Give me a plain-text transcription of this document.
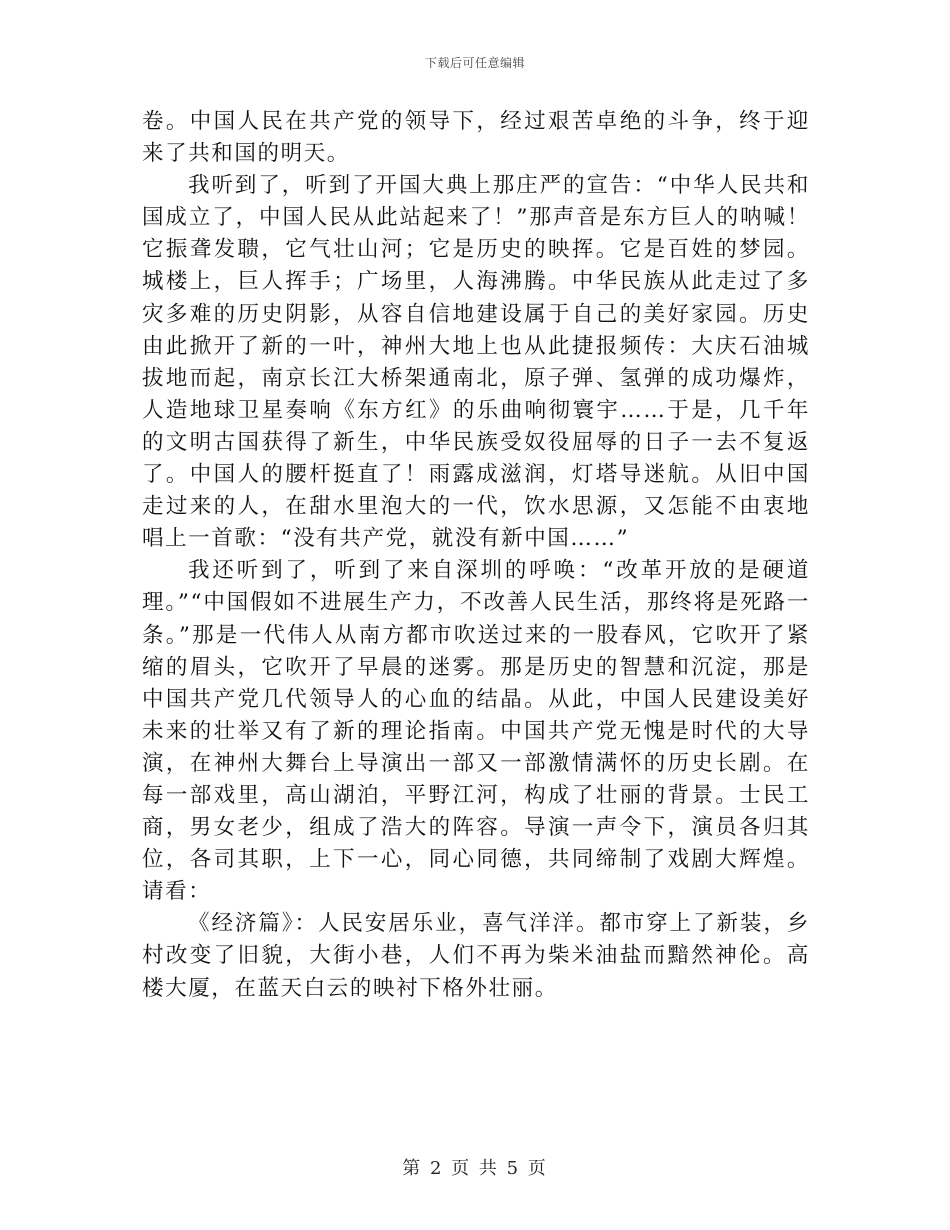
下载后可任意编辑

卷。中国人民在共产党的领导下，经过艰苦卓绝的斗争，终于迎来了共和国的明天。

我听到了，听到了开国大典上那庄严的宣告：“中华人民共和国成立了，中国人民从此站起来了！”那声音是东方巨人的呐喊！它振聋发聩，它气壮山河；它是历史的映挥。它是百姓的梦园。城楼上，巨人挥手；广场里，人海沸腾。中华民族从此走过了多灾多难的历史阴影，从容自信地建设属于自己的美好家园。历史由此掀开了新的一叶，神州大地上也从此捷报频传：大庆石油城拔地而起，南京长江大桥架通南北，原子弹、氢弹的成功爆炸，人造地球卫星奏响《东方红》的乐曲响彻寰宇……于是，几千年的文明古国获得了新生，中华民族受奴役屈辱的日子一去不复返了。中国人的腰杆挺直了！雨露成滋润，灯塔导迷航。从旧中国走过来的人，在甜水里泡大的一代，饮水思源，又怎能不由衷地唱上一首歌：“没有共产党，就没有新中国……”

我还听到了，听到了来自深圳的呼唤：“改革开放的是硬道理。”“中国假如不进展生产力，不改善人民生活，那终将是死路一条。”那是一代伟人从南方都市吹送过来的一股春风，它吹开了紧缩的眉头，它吹开了早晨的迷雾。那是历史的智慧和沉淀，那是中国共产党几代领导人的心血的结晶。从此，中国人民建设美好未来的壮举又有了新的理论指南。中国共产党无愧是时代的大导演，在神州大舞台上导演出一部又一部激情满怀的历史长剧。在每一部戏里，高山湖泊，平野江河，构成了壮丽的背景。士民工商，男女老少，组成了浩大的阵容。导演一声令下，演员各归其位，各司其职，上下一心，同心同德，共同缔制了戏剧大辉煌。请看：

《经济篇》：人民安居乐业，喜气洋洋。都市穿上了新装，乡村改变了旧貌，大街小巷，人们不再为柴米油盐而黯然神伦。高楼大厦，在蓝天白云的映衬下格外壮丽。

第 2 页 共 5 页
